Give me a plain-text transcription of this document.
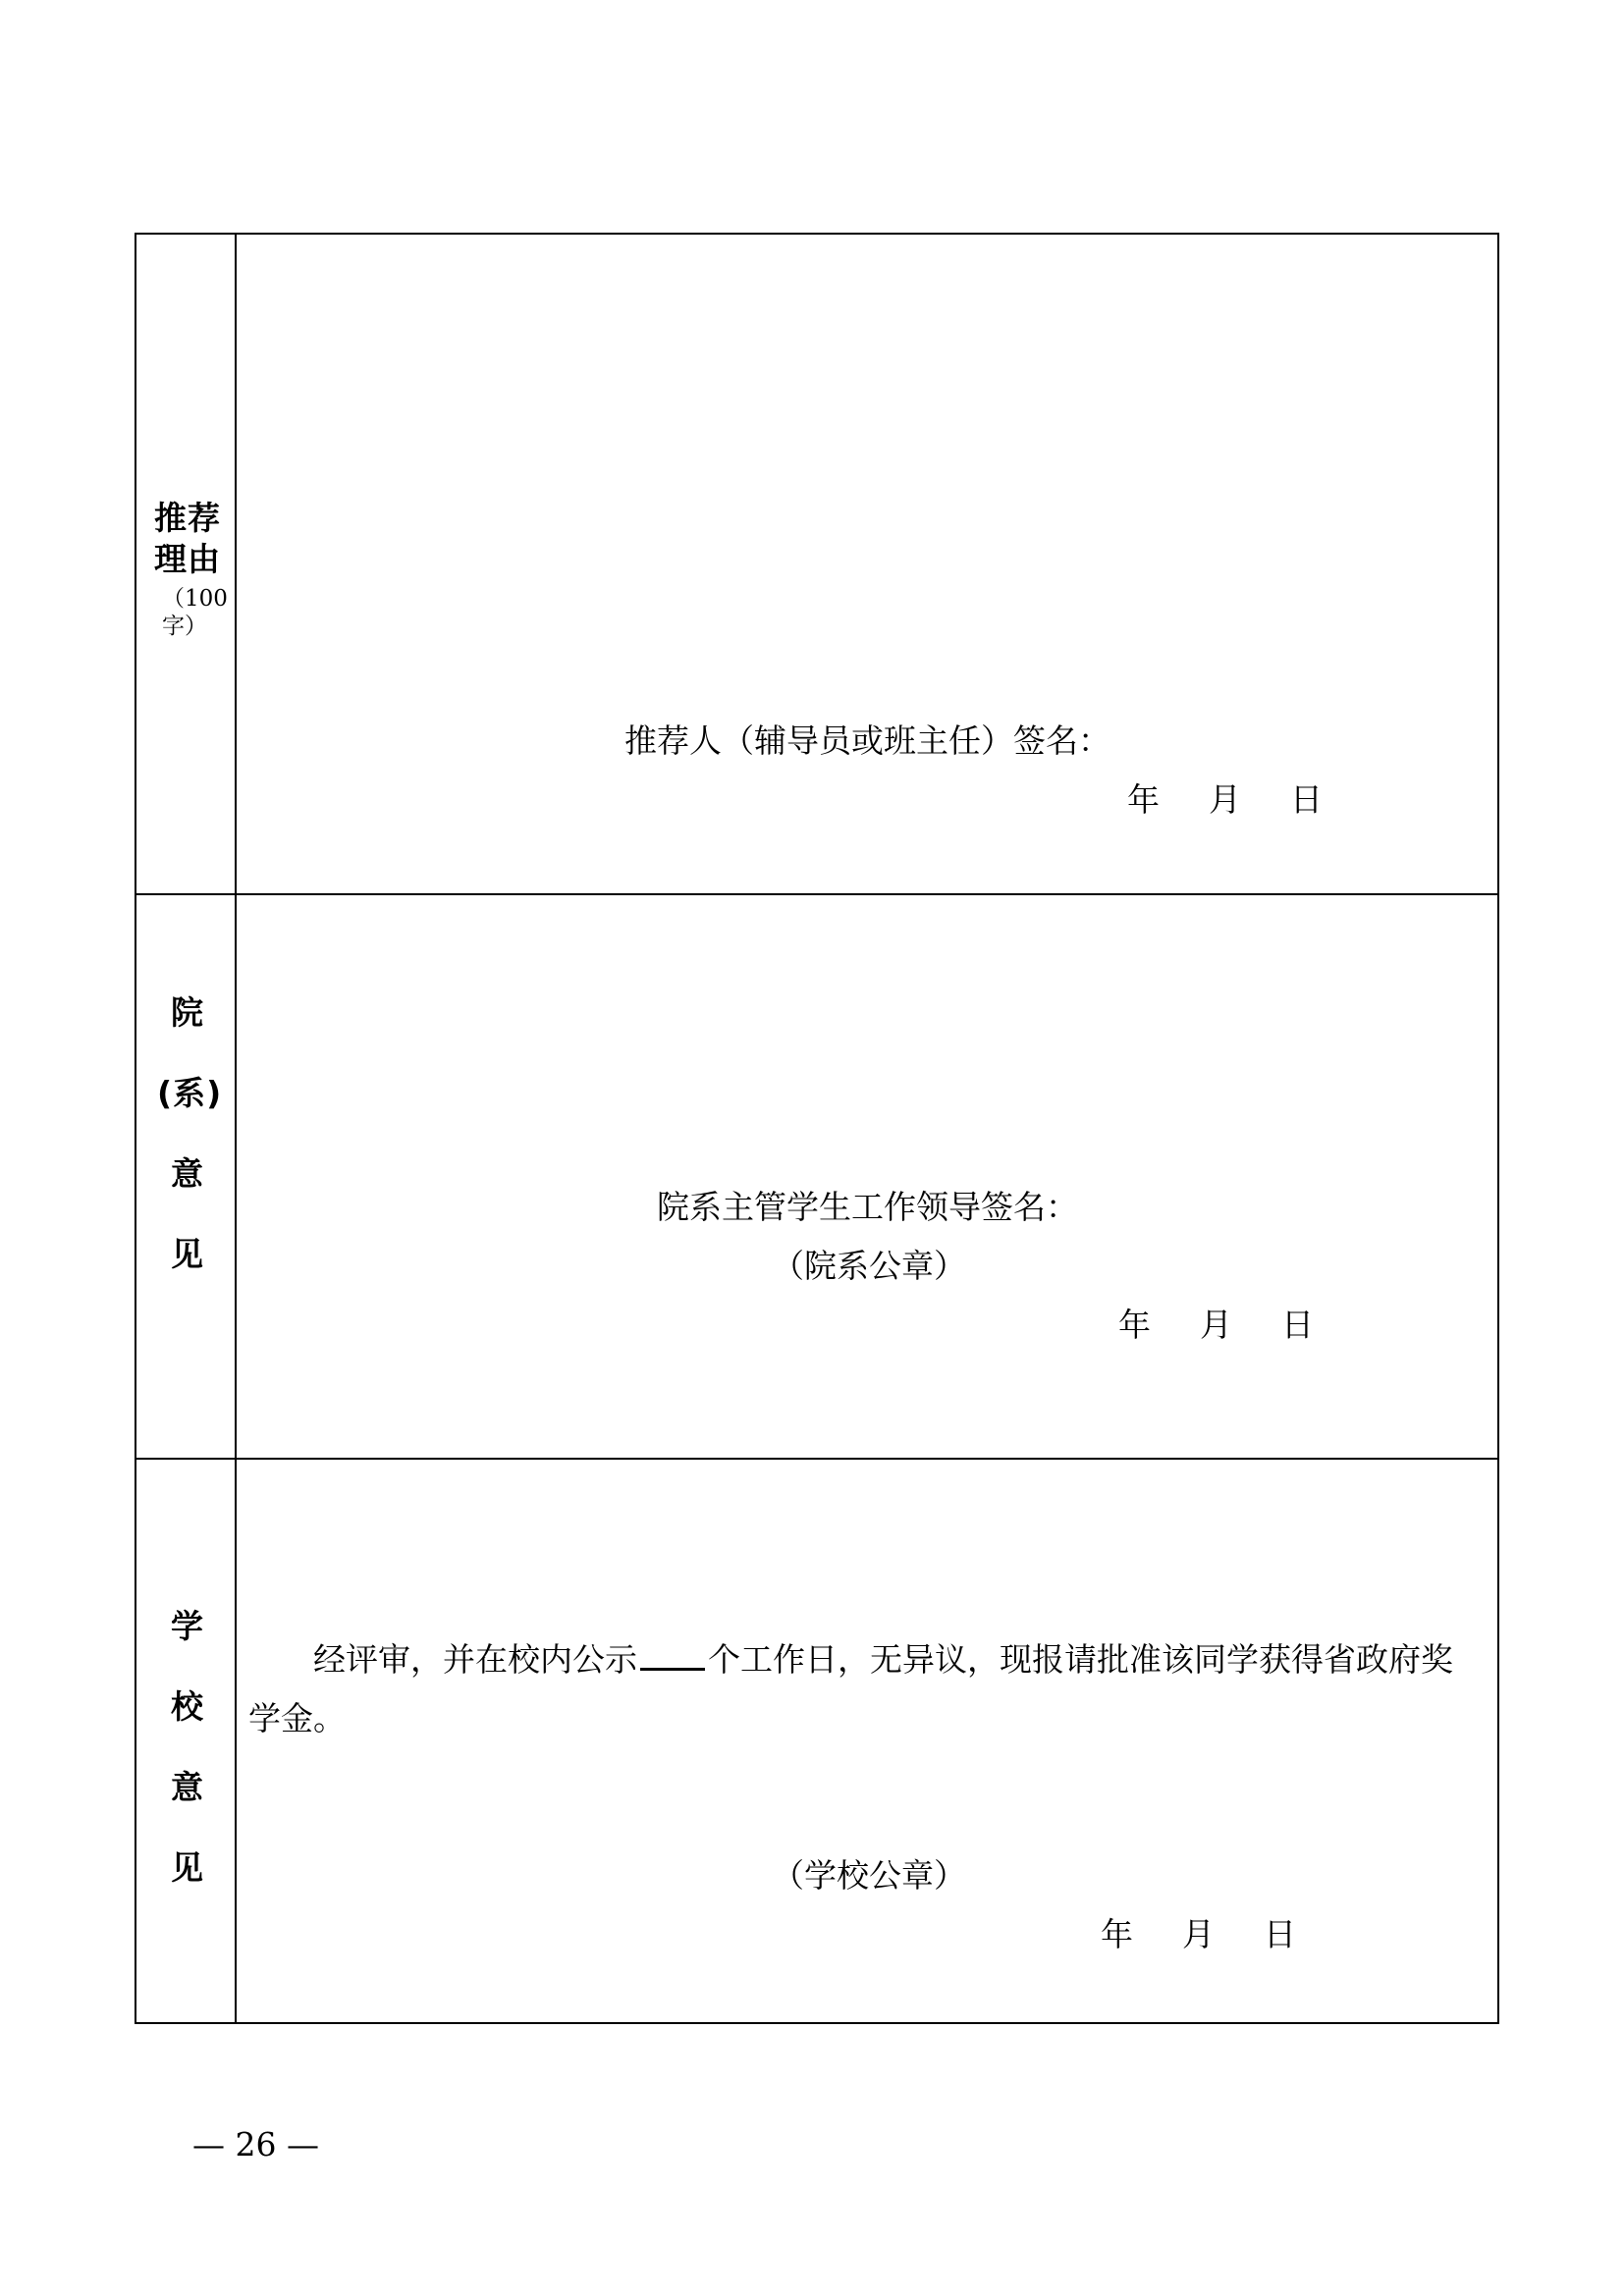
推荐
理由
（100
字）
推荐人（辅导员或班主任）签名：
年 月 日
院
(系)
意
见
院系主管学生工作领导签名：
（院系公章）
年 月 日
学
校
意
见
经评审，并在校内公示 个工作日，无异议，现报请批准该同学获得省政府奖
学金。
（学校公章）
年 月 日
— 26 —
